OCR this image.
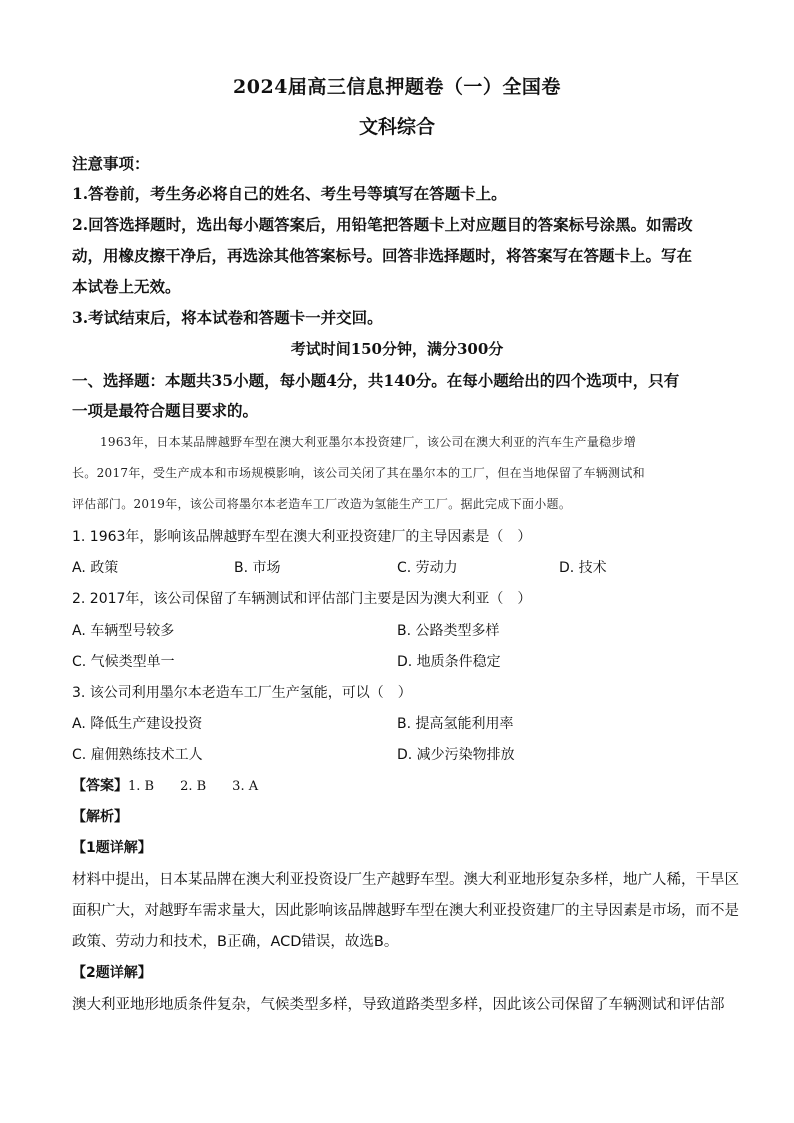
2024届高三信息押题卷（一）全国卷
文科综合
注意事项：
1.答卷前，考生务必将自己的姓名、考生号等填写在答题卡上。
2.回答选择题时，选出每小题答案后，用铅笔把答题卡上对应题目的答案标号涂黑。如需改
动，用橡皮擦干净后，再选涂其他答案标号。回答非选择题时，将答案写在答题卡上。写在
本试卷上无效。
3.考试结束后，将本试卷和答题卡一并交回。
考试时间150分钟，满分300分
一、选择题：本题共35小题，每小题4分，共140分。在每小题给出的四个选项中，只有
一项是最符合题目要求的。
1963年，日本某品牌越野车型在澳大利亚墨尔本投资建厂，该公司在澳大利亚的汽车生产量稳步增
长。2017年，受生产成本和市场规模影响，该公司关闭了其在墨尔本的工厂，但在当地保留了车辆测试和
评估部门。2019年，该公司将墨尔本老造车工厂改造为氢能生产工厂。据此完成下面小题。
1. 1963年，影响该品牌越野车型在澳大利亚投资建厂的主导因素是（　）
A. 政策	B. 市场	C. 劳动力	D. 技术
2. 2017年，该公司保留了车辆测试和评估部门主要是因为澳大利亚（　）
A. 车辆型号较多	B. 公路类型多样
C. 气候类型单一	D. 地质条件稳定
3. 该公司利用墨尔本老造车工厂生产氢能，可以（　）
A. 降低生产建设投资	B. 提高氢能利用率
C. 雇佣熟练技术工人	D. 减少污染物排放
【答案】1. B　　2. B　　3. A
【解析】
【1题详解】
材料中提出，日本某品牌在澳大利亚投资设厂生产越野车型。澳大利亚地形复杂多样，地广人稀，干旱区
面积广大，对越野车需求量大，因此影响该品牌越野车型在澳大利亚投资建厂的主导因素是市场，而不是
政策、劳动力和技术，B正确，ACD错误，故选B。
【2题详解】
澳大利亚地形地质条件复杂，气候类型多样，导致道路类型多样，因此该公司保留了车辆测试和评估部
